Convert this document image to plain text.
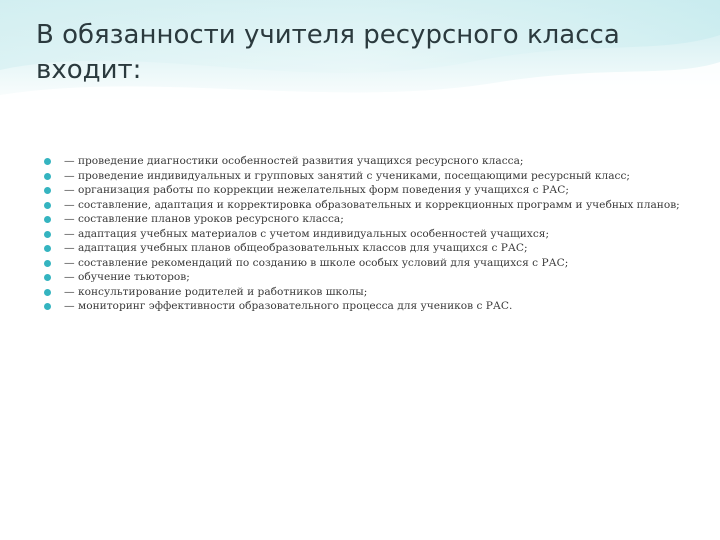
В обязанности учителя ресурсного класса входит:
— проведение диагностики особенностей развития учащихся ресурсного класса;
— проведение индивидуальных и групповых занятий с учениками, посещающими ресурсный класс;
— организация работы по коррекции нежелательных форм поведения у учащихся с РАС;
— составление, адаптация и корректировка образовательных и коррекционных программ и учебных планов;
— составление планов уроков ресурсного класса;
— адаптация учебных материалов с учетом индивидуальных особенностей учащихся;
— адаптация учебных планов общеобразовательных классов для учащихся с РАС;
— составление рекомендаций по созданию в школе особых условий для учащихся с РАС;
— обучение тьюторов;
— консультирование родителей и работников школы;
— мониторинг эффективности образовательного процесса для учеников с РАС.
